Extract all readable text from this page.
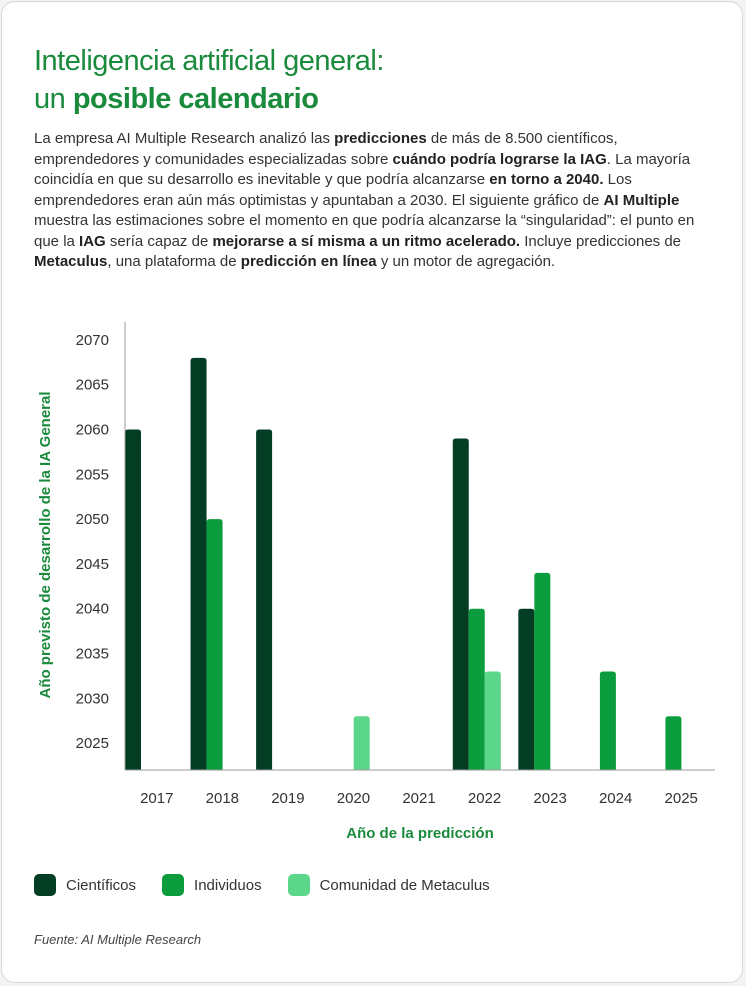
Inteligencia artificial general:
un posible calendario

La empresa AI Multiple Research analizó las predicciones de más de 8.500 científicos, emprendedores y comunidades especializadas sobre cuándo podría lograrse la IAG. La mayoría coincidía en que su desarrollo es inevitable y que podría alcanzarse en torno a 2040. Los emprendedores eran aún más optimistas y apuntaban a 2030. El siguiente gráfico de AI Multiple muestra las estimaciones sobre el momento en que podría alcanzarse la “singularidad”: el punto en que la IAG sería capaz de mejorarse a sí misma a un ritmo acelerado. Incluye predicciones de Metaculus, una plataforma de predicción en línea y un motor de agregación.

2025
2030
2035
2040
2045
2050
2055
2060
2065
2070
2017 2018 2019 2020 2021 2022 2023 2024 2025
Año de la predicción
Año previsto de desarrollo de la IA General
Científicos	Individuos	Comunidad de Metaculus

Fuente: AI Multiple Research
